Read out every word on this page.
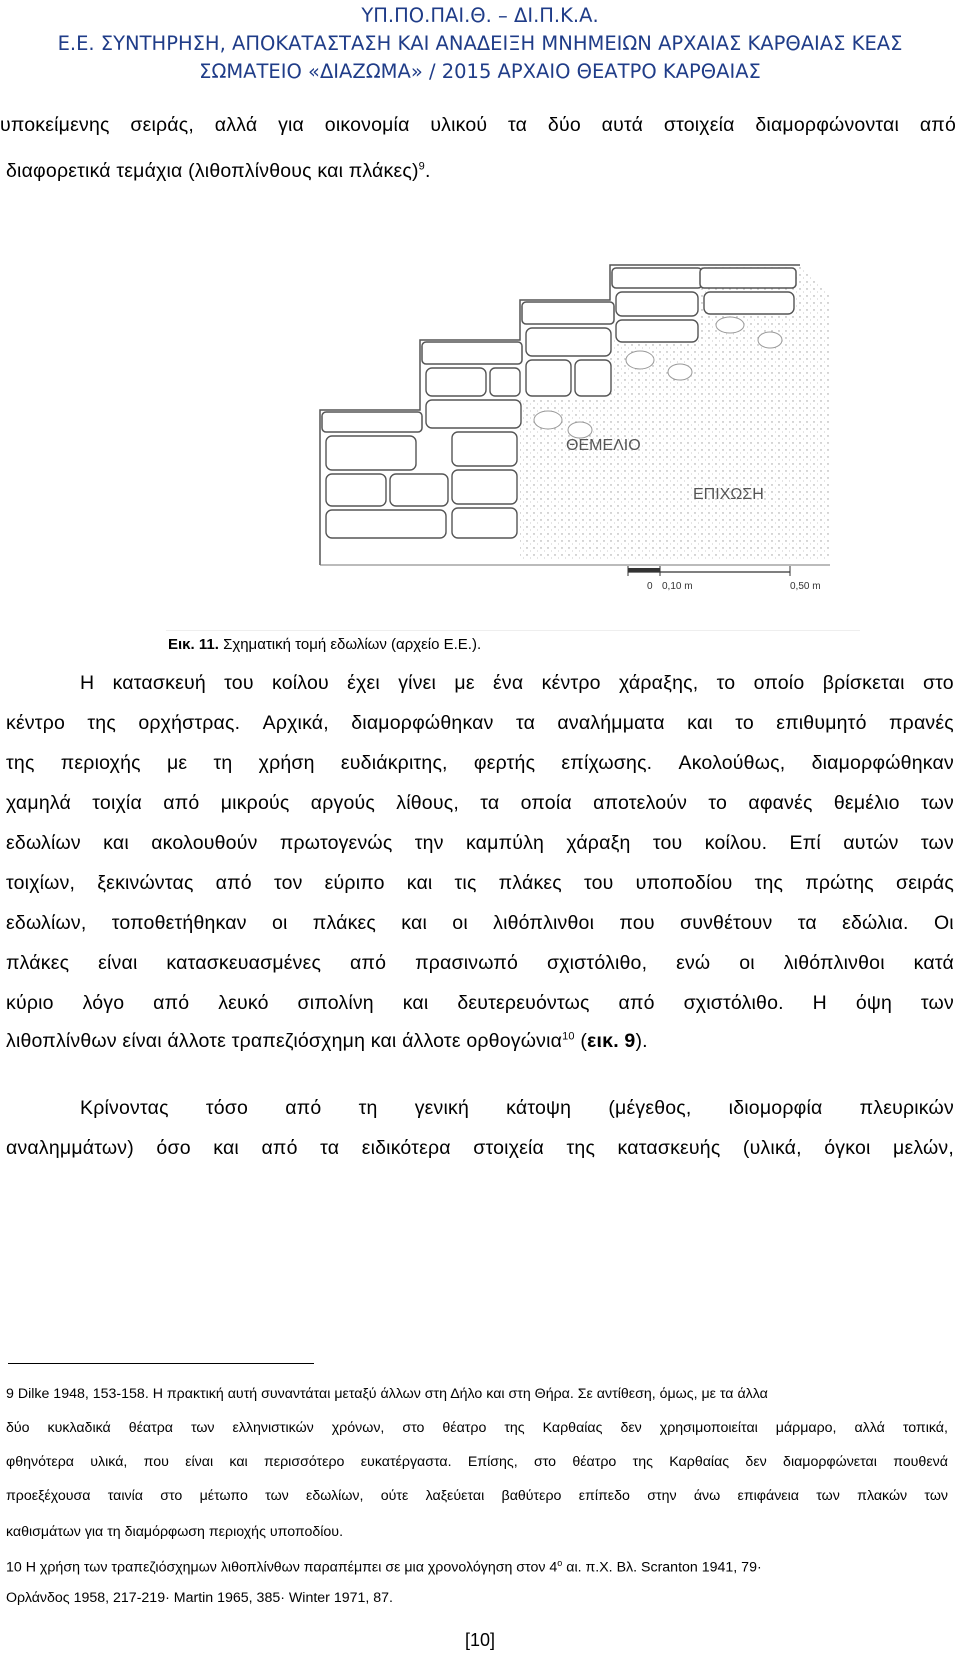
ΥΠ.ΠΟ.ΠΑΙ.Θ. – ΔΙ.Π.Κ.Α.
Ε.Ε. ΣΥΝΤΗΡΗΣΗ, ΑΠΟΚΑΤΑΣΤΑΣΗ ΚΑΙ ΑΝΑΔΕΙΞΗ ΜΝΗΜΕΙΩΝ ΑΡΧΑΙΑΣ ΚΑΡΘΑΙΑΣ ΚΕΑΣ
ΣΩΜΑΤΕΙΟ «ΔΙΑΖΩΜΑ» / 2015 ΑΡΧΑΙΟ ΘΕΑΤΡΟ ΚΑΡΘΑΙΑΣ
υποκείμενης σειράς, αλλά για οικονομία υλικού τα δύο αυτά στοιχεία διαμορφώνονται από
διαφορετικά τεμάχια (λιθοπλίνθους και πλάκες)$^9$.
ΘΕΜΕΛΙΟ
ΕΠΙΧΩΣΗ
0 0,10 m	0,50 m
Εικ. 11. Σχηματική τομή εδωλίων (αρχείο Ε.Ε.).
Η κατασκευή του κοίλου έχει γίνει με ένα κέντρο χάραξης, το οποίο βρίσκεται στο
κέντρο της ορχήστρας. Αρχικά, διαμορφώθηκαν τα αναλήμματα και το επιθυμητό πρανές
της περιοχής με τη χρήση ευδιάκριτης, φερτής επίχωσης. Ακολούθως, διαμορφώθηκαν
χαμηλά τοιχία από μικρούς αργούς λίθους, τα οποία αποτελούν το αφανές θεμέλιο των
εδωλίων και ακολουθούν πρωτογενώς την καμπύλη χάραξη του κοίλου. Επί αυτών των
τοιχίων, ξεκινώντας από τον εύριπο και τις πλάκες του υποποδίου της πρώτης σειράς
εδωλίων, τοποθετήθηκαν οι πλάκες και οι λιθόπλινθοι που συνθέτουν τα εδώλια. Οι
πλάκες είναι κατασκευασμένες από πρασινωπό σχιστόλιθο, ενώ οι λιθόπλινθοι κατά
κύριο λόγο από λευκό σιπολίνη και δευτερευόντως από σχιστόλιθο. Η όψη των
λιθοπλίνθων είναι άλλοτε τραπεζιόσχημη και άλλοτε ορθογώνια$^{10}$ (εικ. 9).
Κρίνοντας τόσο από τη γενική κάτοψη (μέγεθος, ιδιομορφία πλευρικών
αναλημμάτων) όσο και από τα ειδικότερα στοιχεία της κατασκευής (υλικά, όγκοι μελών,
9 Dilke 1948, 153-158. Η πρακτική αυτή συναντάται μεταξύ άλλων στη Δήλο και στη Θήρα. Σε αντίθεση, όμως, με τα άλλα
δύο κυκλαδικά θέατρα των ελληνιστικών χρόνων, στο θέατρο της Καρθαίας δεν χρησιμοποιείται μάρμαρο, αλλά τοπικά,
φθηνότερα υλικά, που είναι και περισσότερο ευκατέργαστα. Επίσης, στο θέατρο της Καρθαίας δεν διαμορφώνεται πουθενά
προεξέχουσα ταινία στο μέτωπο των εδωλίων, ούτε λαξεύεται βαθύτερο επίπεδο στην άνω επιφάνεια των πλακών των
καθισμάτων για τη διαμόρφωση περιοχής υποποδίου.
10 Η χρήση των τραπεζιόσχημων λιθοπλίνθων παραπέμπει σε μια χρονολόγηση στον $4^o$ αι. π.Χ. Βλ. Scranton 1941, 79·
Ορλάνδος 1958, 217-219· Martin 1965, 385· Winter 1971, 87.
[10]
